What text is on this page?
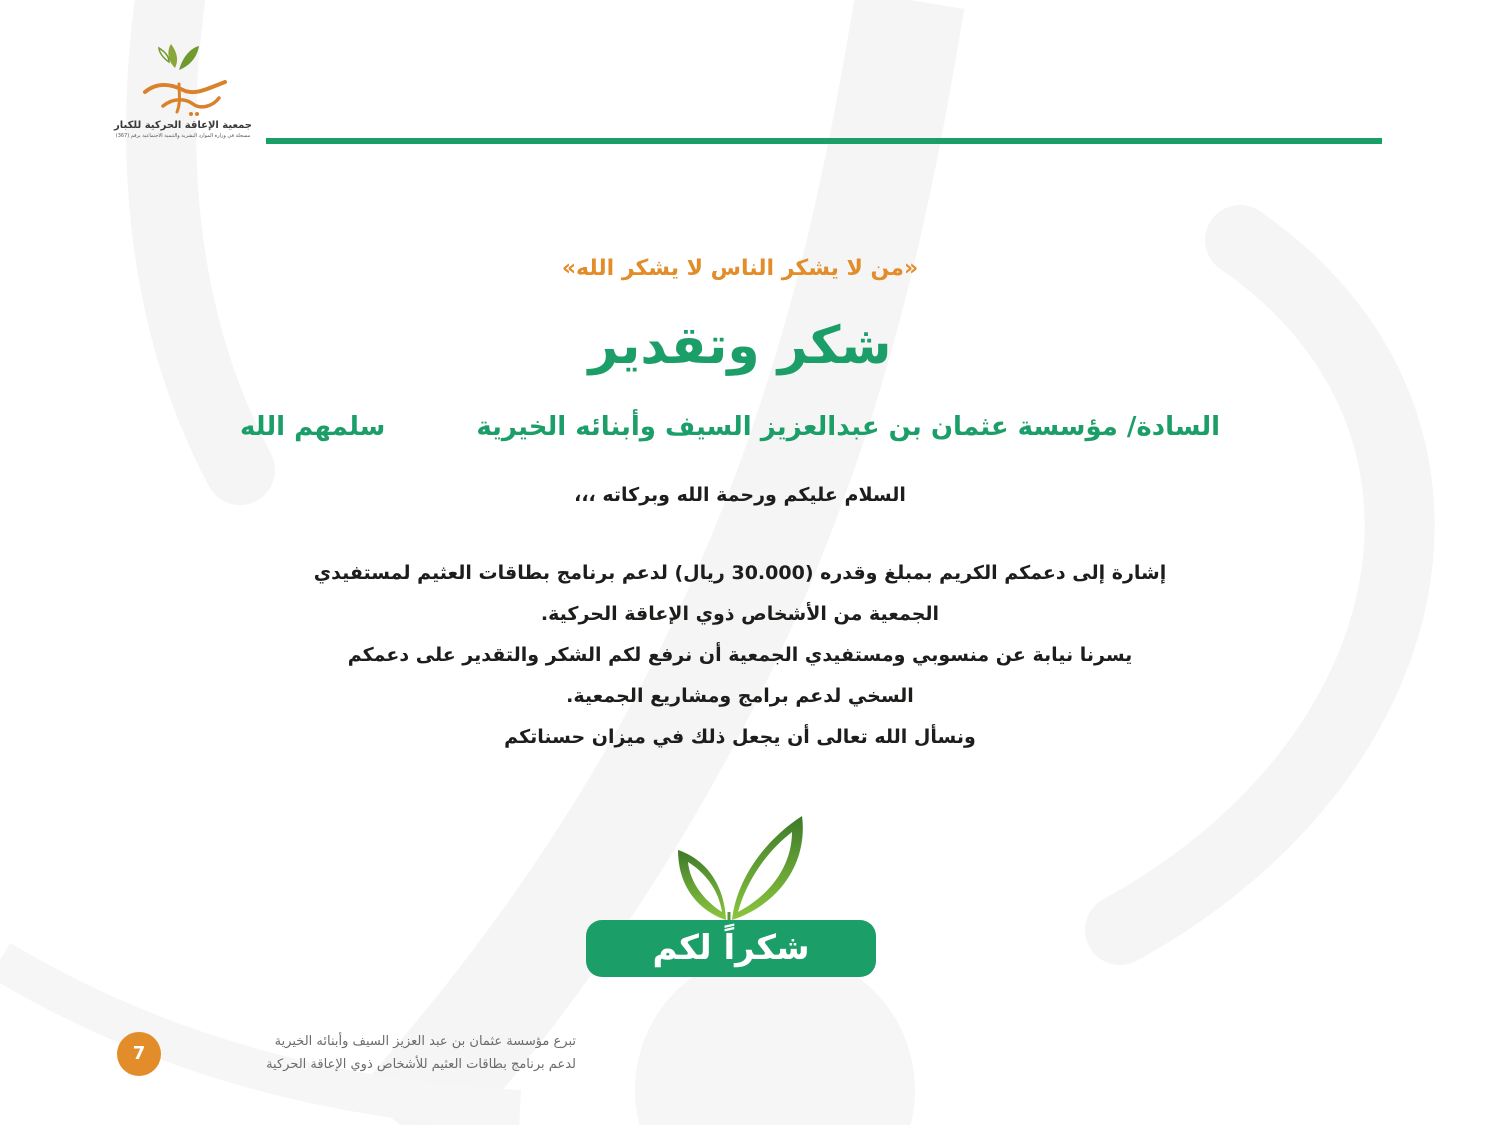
جمعية الإعاقة الحركية للكبار
مسجلة في وزارة الموارد البشرية والتنمية الاجتماعية برقم (367)
«من لا يشكر الناس لا يشكر الله»
شكر وتقدير
السادة/ مؤسسة عثمان بن عبدالعزيز السيف وأبنائه الخيرية
سلمهم الله
السلام عليكم ورحمة الله وبركاته ،،،

إشارة إلى دعمكم الكريم بمبلغ وقدره (30.000 ريال) لدعم برنامج بطاقات العثيم لمستفيدي

الجمعية من الأشخاص ذوي الإعاقة الحركية.

يسرنا نيابة عن منسوبي ومستفيدي الجمعية أن نرفع لكم الشكر والتقدير على دعمكم

السخي لدعم برامج ومشاريع الجمعية.

ونسأل الله تعالى أن يجعل ذلك في ميزان حسناتكم

شكراً لكم
7
تبرع مؤسسة عثمان بن عبد العزيز السيف وأبنائه الخيرية
لدعم برنامج بطاقات العثيم للأشخاص ذوي الإعاقة الحركية
